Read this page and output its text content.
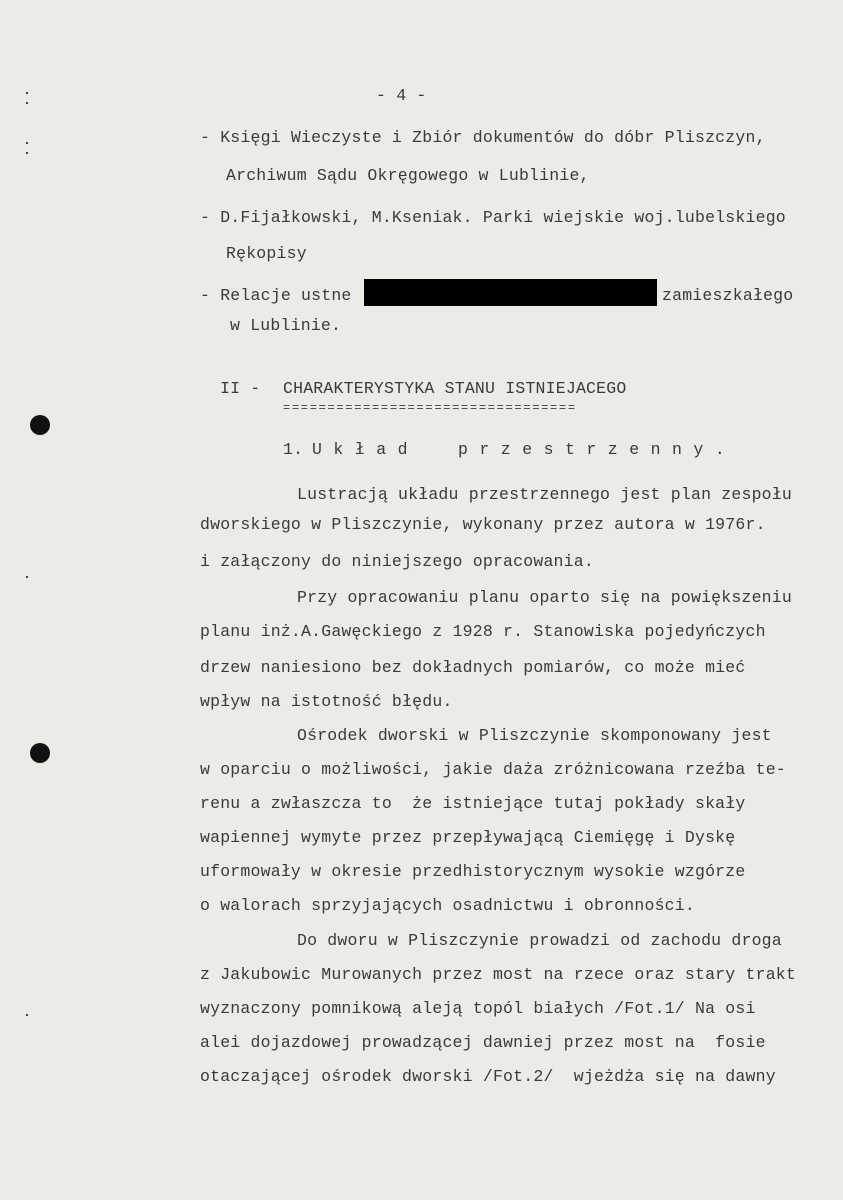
- 4 -
- Księgi Wieczyste i Zbiór dokumentów do dóbr Pliszczyn,
Archiwum Sądu Okręgowego w Lublinie,
- D.Fijałkowski, M.Kseniak. Parki wiejskie woj.lubelskiego
Rękopisy
- Relacje ustne	zamieszkałego
w Lublinie.
II - CHARAKTERYSTYKA STANU ISTNIEJACEGO
=================================
1. Układ przestrzenny.
Lustracją układu przestrzennego jest plan zespołu
dworskiego w Pliszczynie, wykonany przez autora w 1976r.
i załączony do niniejszego opracowania.
Przy opracowaniu planu oparto się na powiększeniu
planu inż.A.Gawęckiego z 1928 r. Stanowiska pojedyńczych
drzew naniesiono bez dokładnych pomiarów, co może mieć
wpływ na istotność błędu.
Ośrodek dworski w Pliszczynie skomponowany jest
w oparciu o możliwości, jakie daża zróżnicowana rzeźba te-
renu a zwłaszcza to  że istniejące tutaj pokłady skały
wapiennej wymyte przez przepływającą Ciemięgę i Dyskę
uformowały w okresie przedhistorycznym wysokie wzgórze
o walorach sprzyjających osadnictwu i obronności.
Do dworu w Pliszczynie prowadzi od zachodu droga
z Jakubowic Murowanych przez most na rzece oraz stary trakt
wyznaczony pomnikową aleją topól białych /Fot.1/ Na osi
alei dojazdowej prowadzącej dawniej przez most na  fosie
otaczającej ośrodek dworski /Fot.2/  wjeżdża się na dawny
